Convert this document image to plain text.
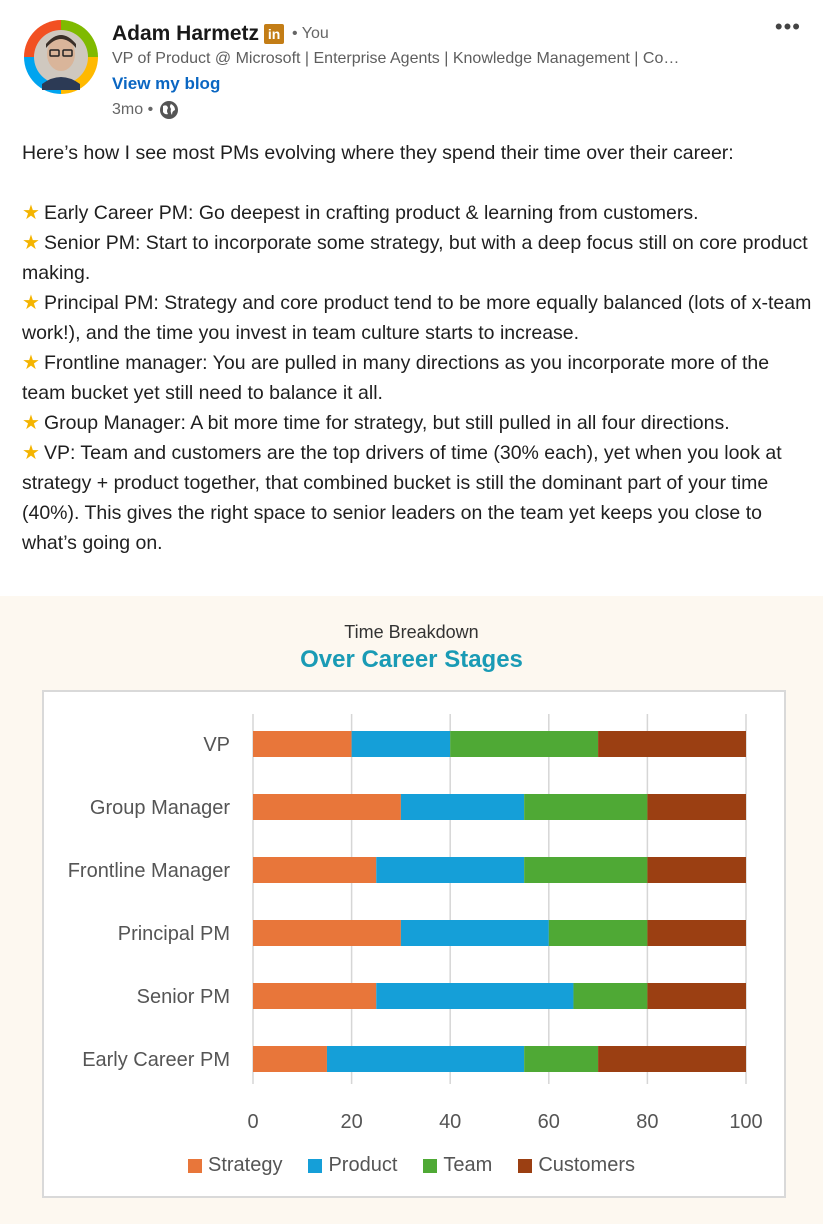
Adam Harmetz in • You
VP of Product @ Microsoft | Enterprise Agents | Knowledge Management | Co…
View my blog
3mo •
•••

Here’s how I see most PMs evolving where they spend their time over their career:

★ Early Career PM: Go deepest in crafting product & learning from customers.

★ Senior PM: Start to incorporate some strategy, but with a deep focus still on core product making.

★ Principal PM: Strategy and core product tend to be more equally balanced (lots of x-team work!), and the time you invest in team culture starts to increase.

★ Frontline manager: You are pulled in many directions as you incorporate more of the team bucket yet still need to balance it all.

★ Group Manager: A bit more time for strategy, but still pulled in all four directions.

★ VP: Team and customers are the top drivers of time (30% each), yet when you look at strategy + product together, that combined bucket is still the dominant part of your time (40%). This gives the right space to senior leaders on the team yet keeps you close to what’s going on.

Time Breakdown
Over Career Stages
0	20	40	60	80	100
VP
Group Manager
Frontline Manager
Principal PM
Senior PM
Early Career PM
Strategy Product Team Customers
